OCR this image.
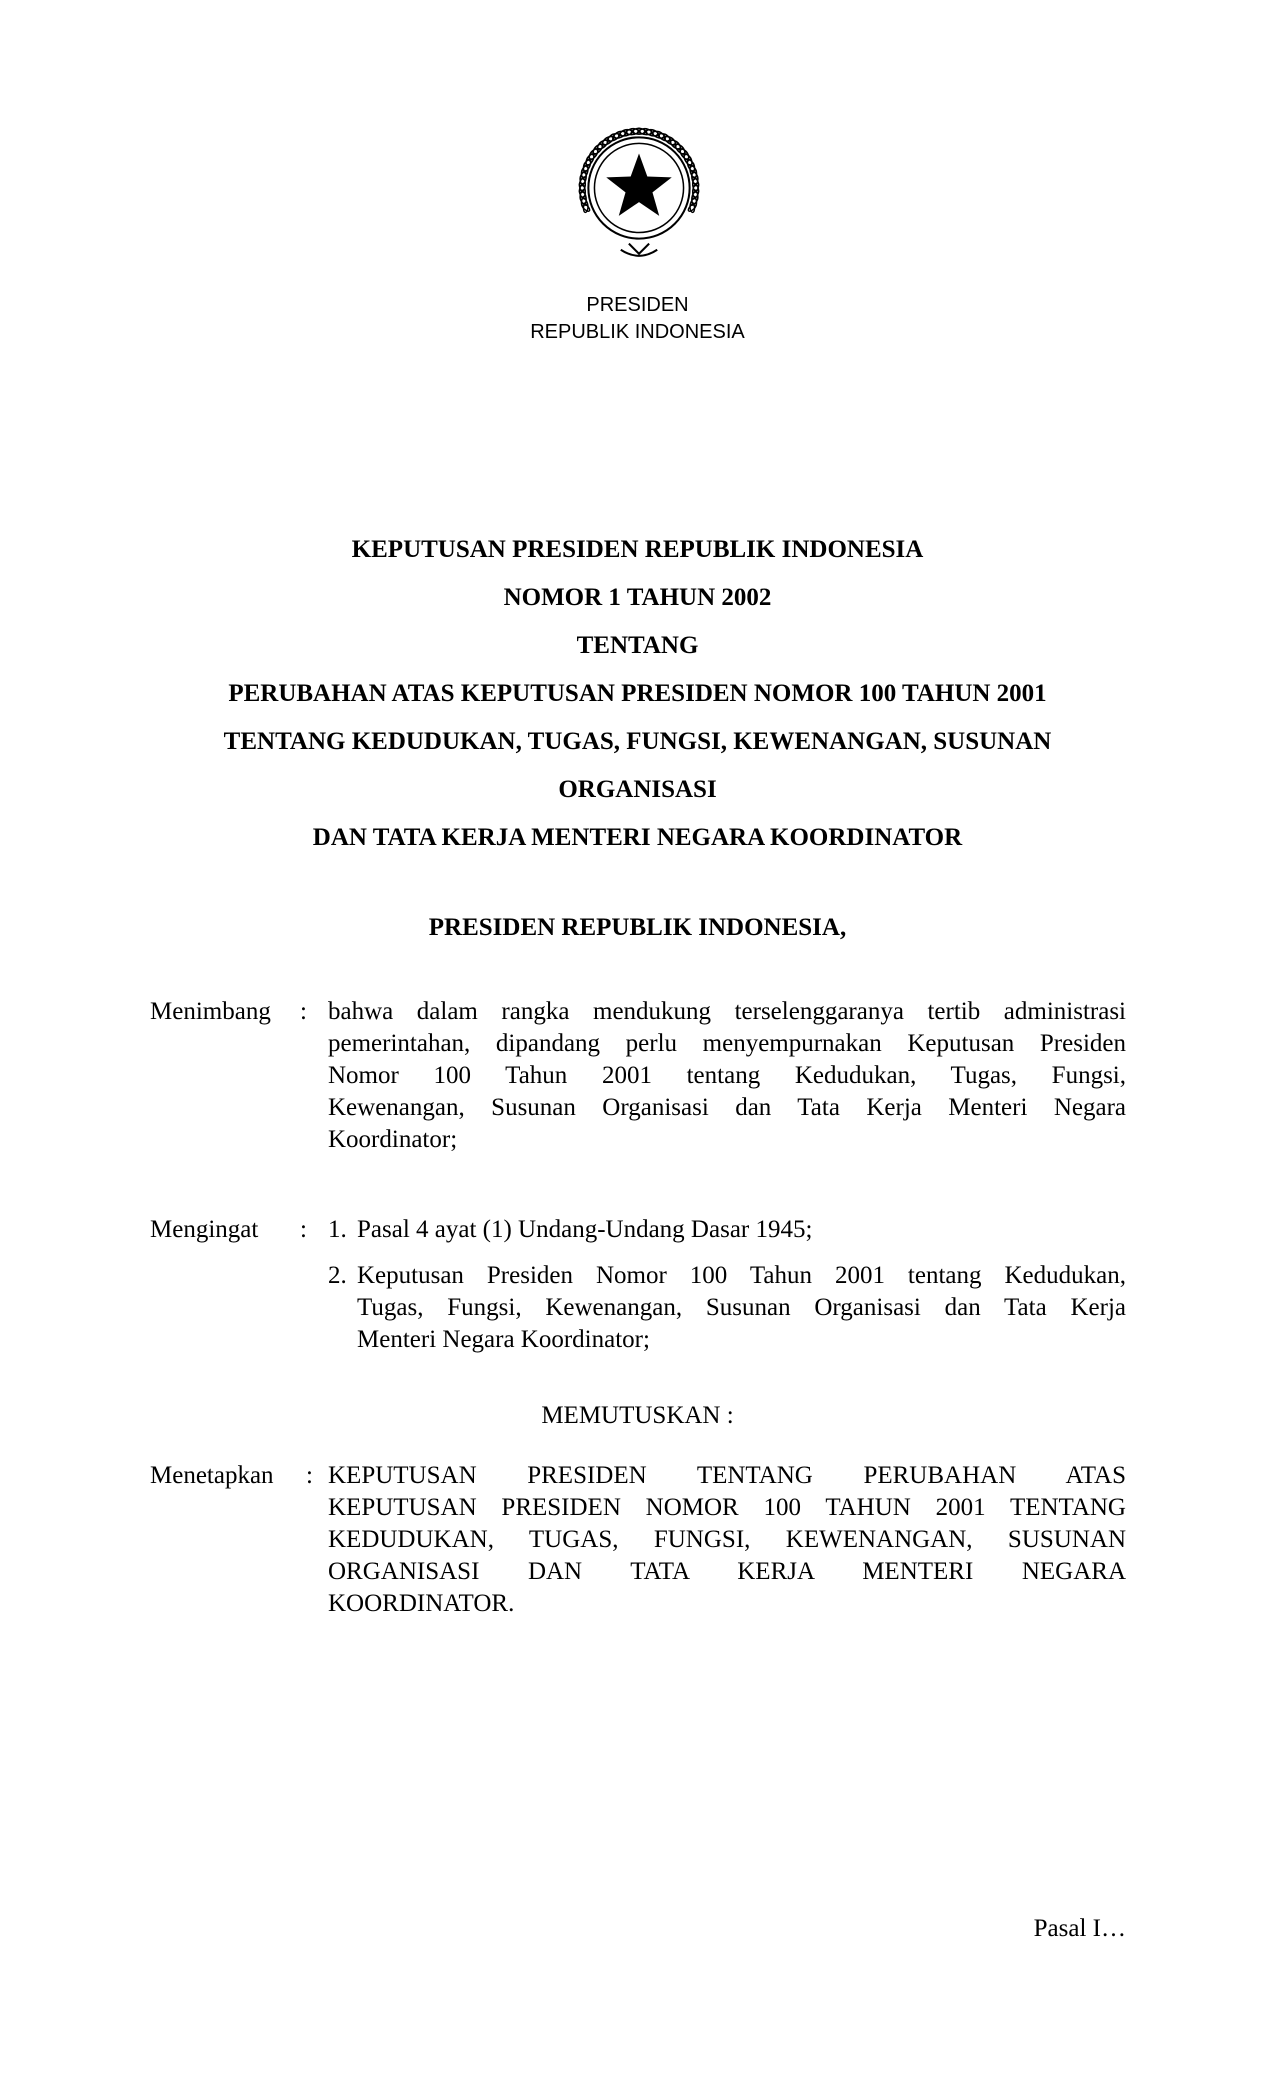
PRESIDEN
REPUBLIK INDONESIA
KEPUTUSAN PRESIDEN REPUBLIK INDONESIA
NOMOR 1 TAHUN 2002
TENTANG
PERUBAHAN ATAS KEPUTUSAN PRESIDEN NOMOR 100 TAHUN 2001
TENTANG KEDUDUKAN, TUGAS, FUNGSI, KEWENANGAN, SUSUNAN
ORGANISASI
DAN TATA KERJA MENTERI NEGARA KOORDINATOR
PRESIDEN REPUBLIK INDONESIA,
Menimbang : bahwa dalam rangka mendukung terselenggaranya tertib administrasi
pemerintahan, dipandang perlu menyempurnakan Keputusan Presiden
Nomor 100 Tahun 2001 tentang Kedudukan, Tugas, Fungsi,
Kewenangan, Susunan Organisasi dan Tata Kerja Menteri Negara
Koordinator;
Mengingat : 1. Pasal 4 ayat (1) Undang-Undang Dasar 1945;
2. Keputusan Presiden Nomor 100 Tahun 2001 tentang Kedudukan,
Tugas, Fungsi, Kewenangan, Susunan Organisasi dan Tata Kerja
Menteri Negara Koordinator;
MEMUTUSKAN :
Menetapkan : KEPUTUSAN PRESIDEN TENTANG PERUBAHAN ATAS
KEPUTUSAN PRESIDEN NOMOR 100 TAHUN 2001 TENTANG
KEDUDUKAN, TUGAS, FUNGSI, KEWENANGAN, SUSUNAN
ORGANISASI DAN TATA KERJA MENTERI NEGARA
KOORDINATOR.
Pasal I…
